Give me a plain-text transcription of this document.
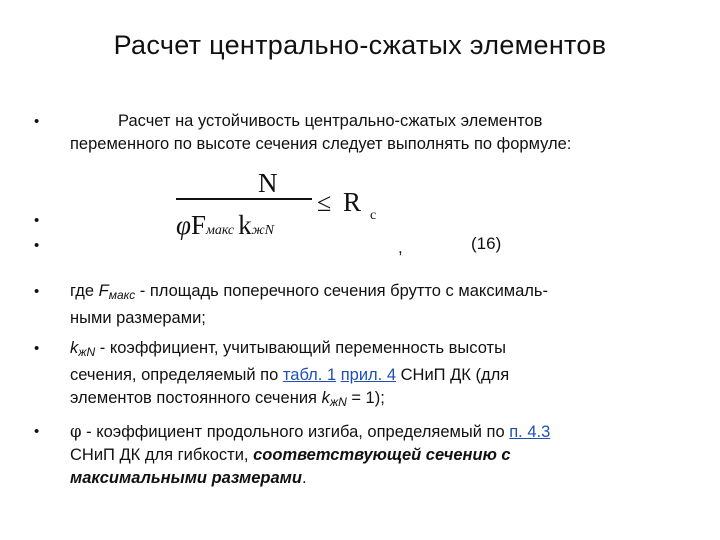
Расчет центрально-сжатых элементов
•
•
•
•
•
•
Расчет на устойчивость центрально-сжатых элементов
переменного по высоте сечения следует выполнять по формуле:
N
≤ R c
φFмакс kжN
,	(16)
где Fмакс - площадь поперечного сечения брутто с максималь-
ными размерами;
kжN - коэффициент, учитывающий переменность высоты
сечения, определяемый по табл. 1 прил. 4 СНиП ДК (для
элементов постоянного сечения kжN = 1);
φ - коэффициент продольного изгиба, определяемый по п. 4.3
СНиП ДК для гибкости, соответствующей сечению с
максимальными размерами.
